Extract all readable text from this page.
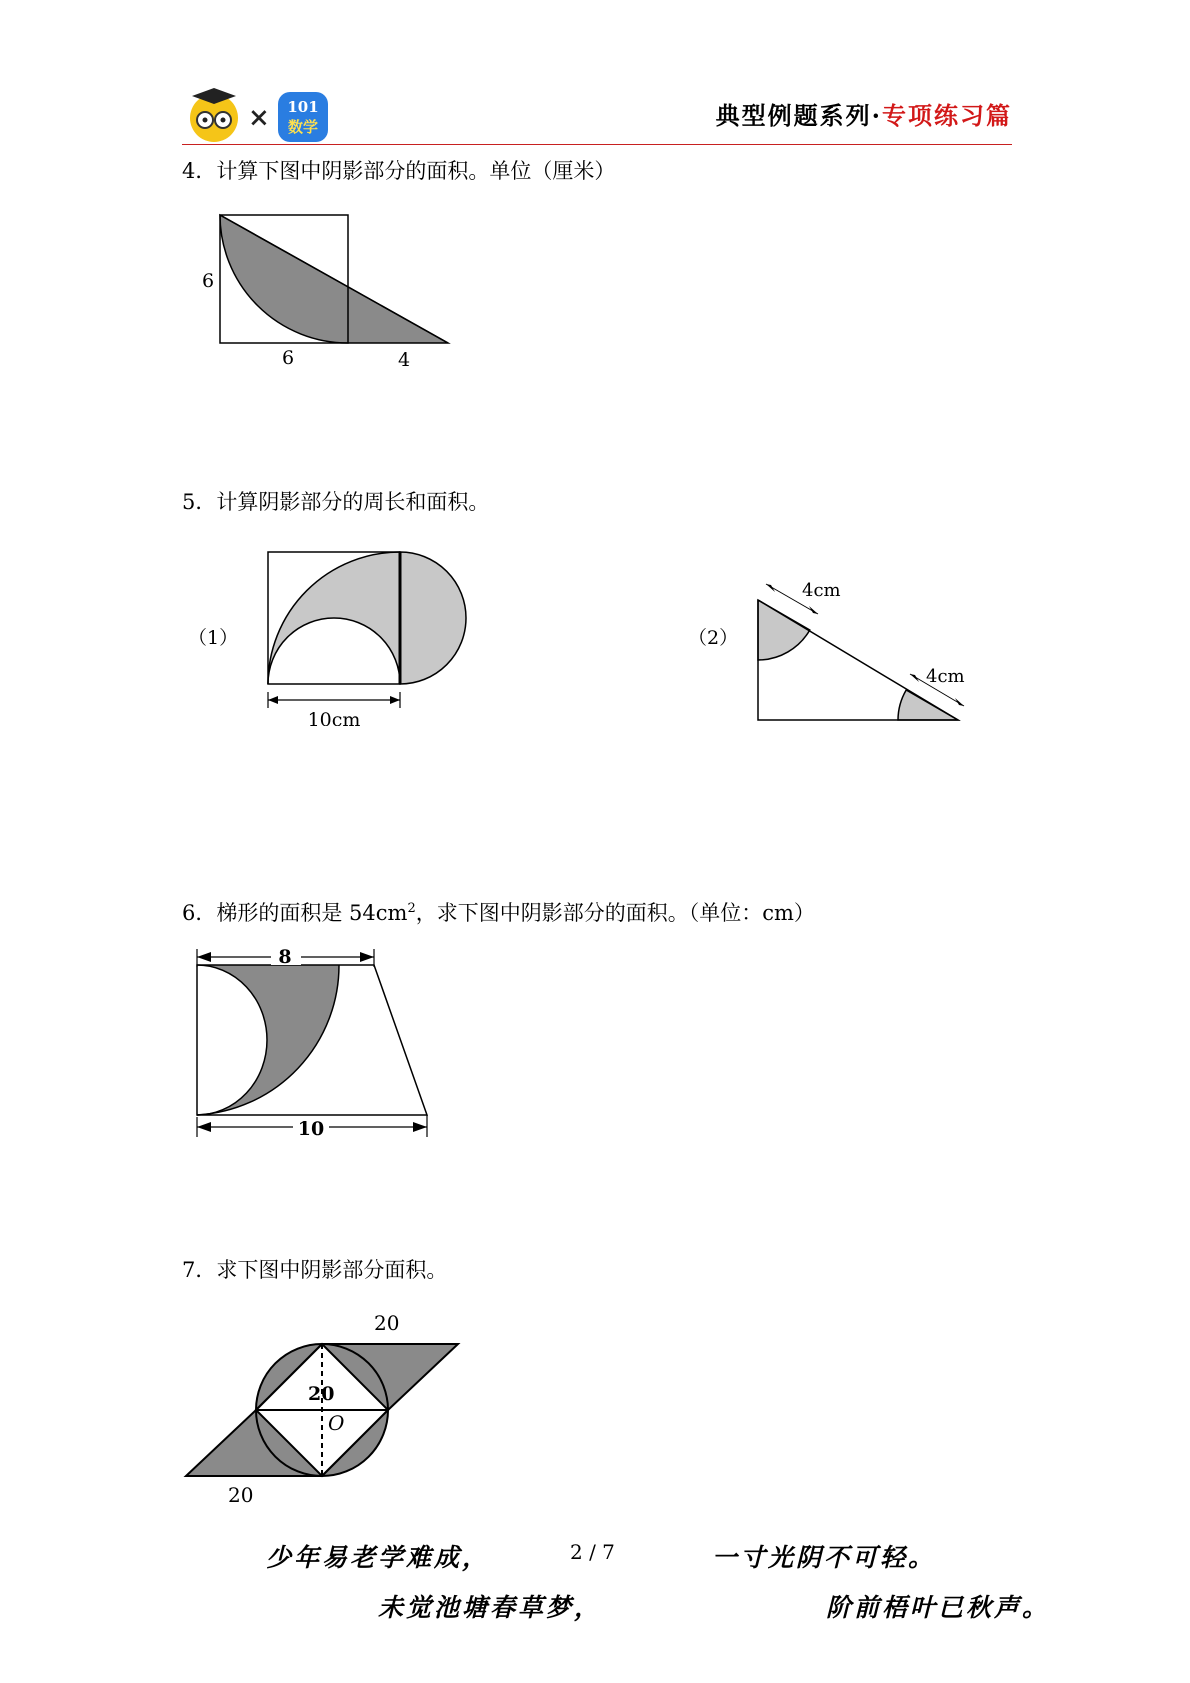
× 101
数学	典型例题系列·专项练习篇
4．计算下图中阴影部分的面积。单位（厘米）
6
6	4
5．计算阴影部分的周长和面积。
（1）
10cm
（2）
4cm
4cm
6．梯形的面积是 $54cm^2$，求下图中阴影部分的面积。（单位：cm）
8
10
7．求下图中阴影部分面积。
20
20
O
20
少年易老学难成，	2 / 7	一寸光阴不可轻。
未觉池塘春草梦，	阶前梧叶已秋声。
